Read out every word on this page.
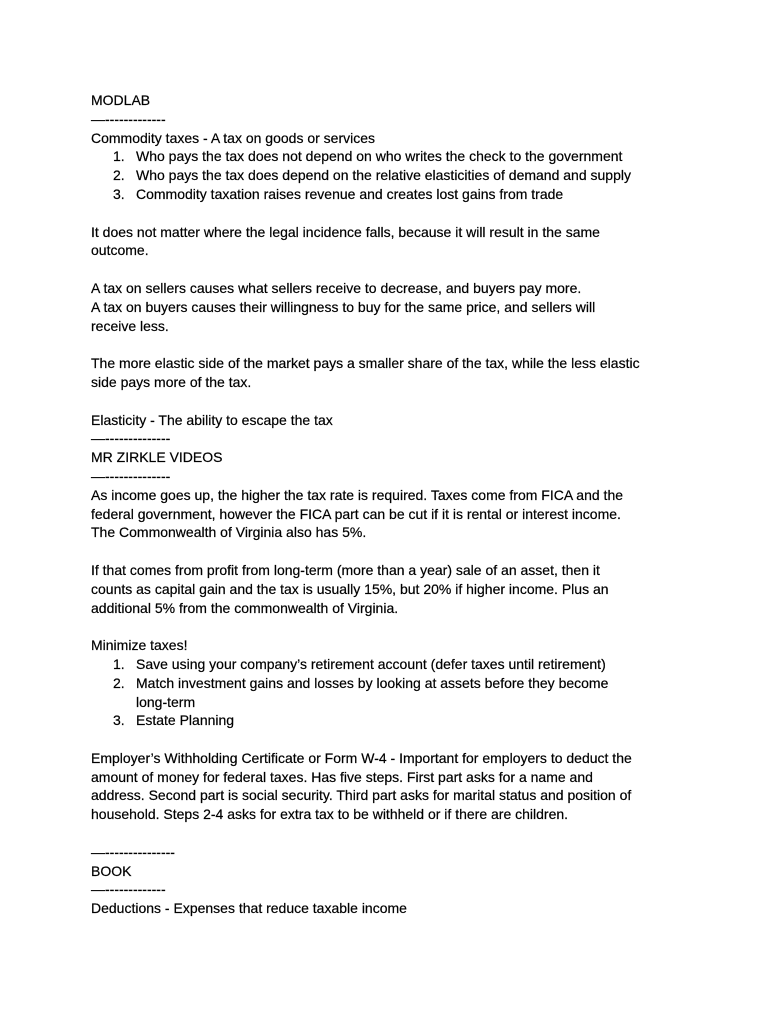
MODLAB
—-------------
Commodity taxes - A tax on goods or services
1. Who pays the tax does not depend on who writes the check to the government
2. Who pays the tax does depend on the relative elasticities of demand and supply
3. Commodity taxation raises revenue and creates lost gains from trade
It does not matter where the legal incidence falls, because it will result in the same
outcome.
A tax on sellers causes what sellers receive to decrease, and buyers pay more.
A tax on buyers causes their willingness to buy for the same price, and sellers will
receive less.
The more elastic side of the market pays a smaller share of the tax, while the less elastic
side pays more of the tax.
Elasticity - The ability to escape the tax
—--------------
MR ZIRKLE VIDEOS
—--------------
As income goes up, the higher the tax rate is required. Taxes come from FICA and the
federal government, however the FICA part can be cut if it is rental or interest income.
The Commonwealth of Virginia also has 5%.
If that comes from profit from long-term (more than a year) sale of an asset, then it
counts as capital gain and the tax is usually 15%, but 20% if higher income. Plus an
additional 5% from the commonwealth of Virginia.
Minimize taxes!
1. Save using your company’s retirement account (defer taxes until retirement)
2. Match investment gains and losses by looking at assets before they become
long-term
3. Estate Planning
Employer’s Withholding Certificate or Form W-4 - Important for employers to deduct the
amount of money for federal taxes. Has five steps. First part asks for a name and
address. Second part is social security. Third part asks for marital status and position of
household. Steps 2-4 asks for extra tax to be withheld or if there are children.
—---------------
BOOK
—-------------
Deductions - Expenses that reduce taxable income
